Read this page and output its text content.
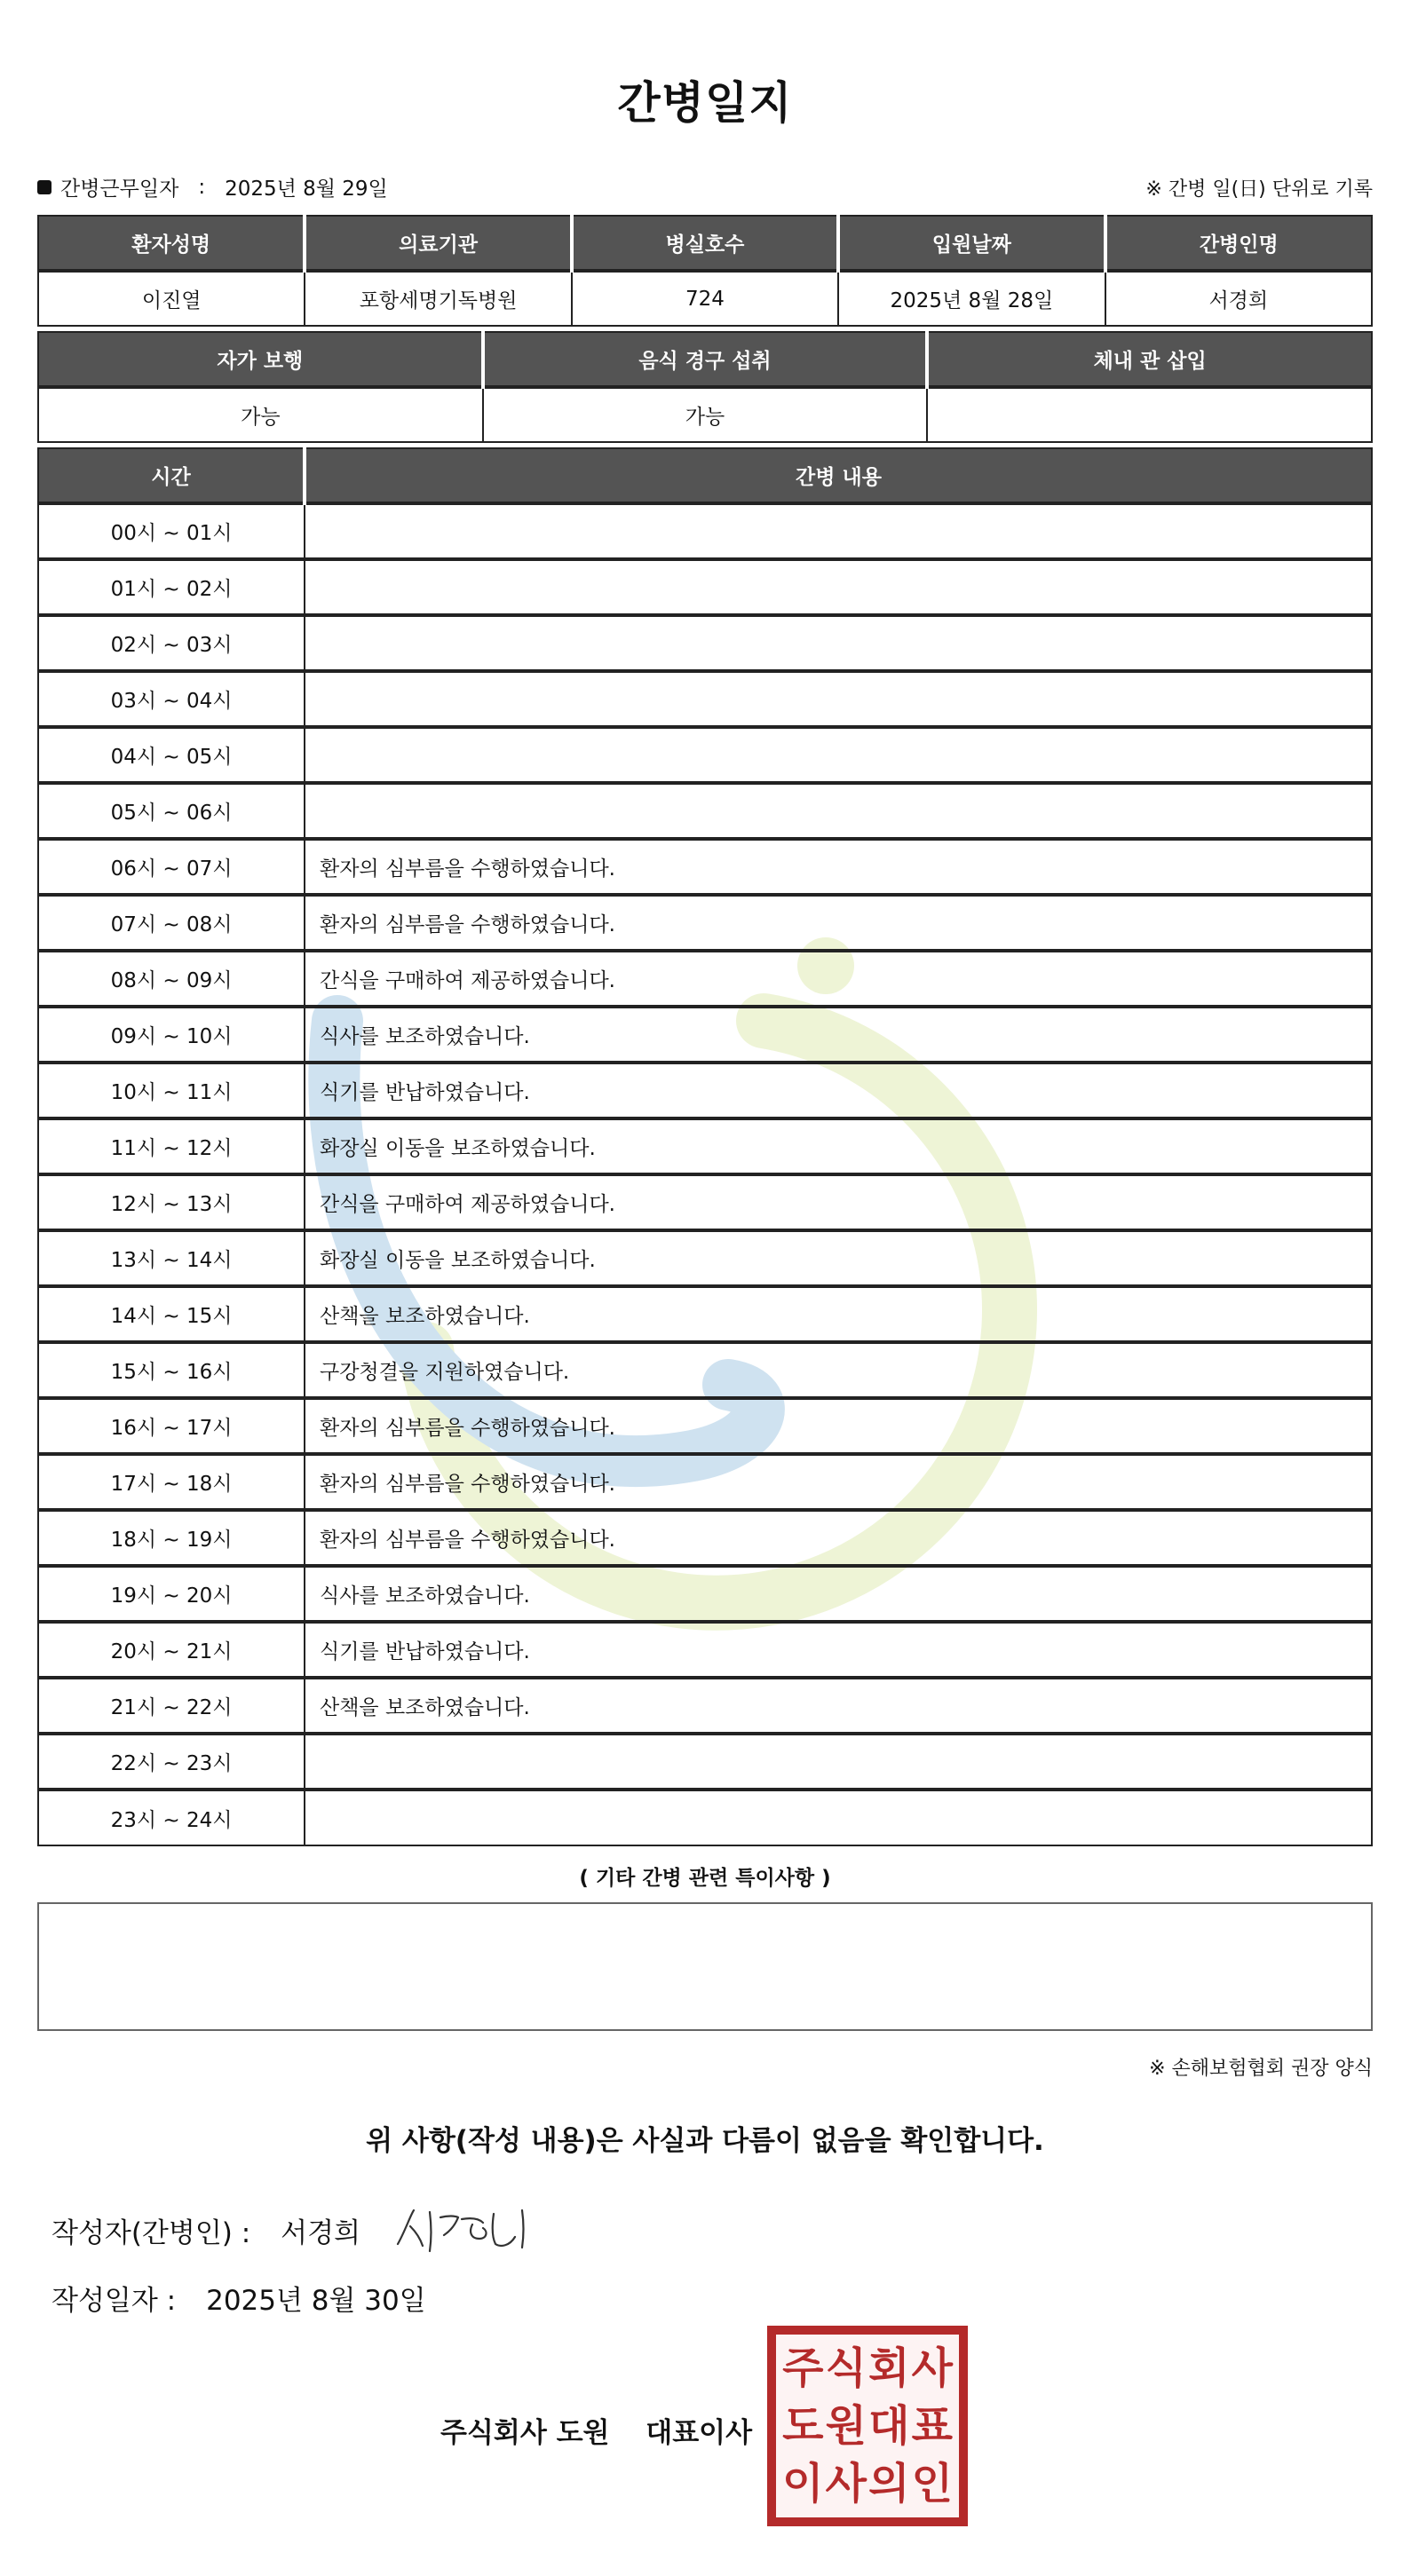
간병일지
간병근무일자 : 2025년 8월 29일	※ 간병 일(日) 단위로 기록
환자성명	의료기관	병실호수	입원날짜	간병인명
이진열	포항세명기독병원	724	2025년 8월 28일	서경희
자가 보행	음식 경구 섭취	체내 관 삽입
가능	가능	
시간	간병 내용
00시 ~ 01시	
01시 ~ 02시	
02시 ~ 03시	
03시 ~ 04시	
04시 ~ 05시	
05시 ~ 06시	
06시 ~ 07시	환자의 심부름을 수행하였습니다.
07시 ~ 08시	환자의 심부름을 수행하였습니다.
08시 ~ 09시	간식을 구매하여 제공하였습니다.
09시 ~ 10시	식사를 보조하였습니다.
10시 ~ 11시	식기를 반납하였습니다.
11시 ~ 12시	화장실 이동을 보조하였습니다.
12시 ~ 13시	간식을 구매하여 제공하였습니다.
13시 ~ 14시	화장실 이동을 보조하였습니다.
14시 ~ 15시	산책을 보조하였습니다.
15시 ~ 16시	구강청결을 지원하였습니다.
16시 ~ 17시	환자의 심부름을 수행하였습니다.
17시 ~ 18시	환자의 심부름을 수행하였습니다.
18시 ~ 19시	환자의 심부름을 수행하였습니다.
19시 ~ 20시	식사를 보조하였습니다.
20시 ~ 21시	식기를 반납하였습니다.
21시 ~ 22시	산책을 보조하였습니다.
22시 ~ 23시	
23시 ~ 24시	
( 기타 간병 관련 특이사항 )
※ 손해보험협회 권장 양식
위 사항(작성 내용)은 사실과 다름이 없음을 확인합니다.
작성자(간병인) : 서경희
작성일자 : 2025년 8월 30일
주식회사 도원 대표이사
주 식 회 사
도 원 대 표
이 사 의 인
